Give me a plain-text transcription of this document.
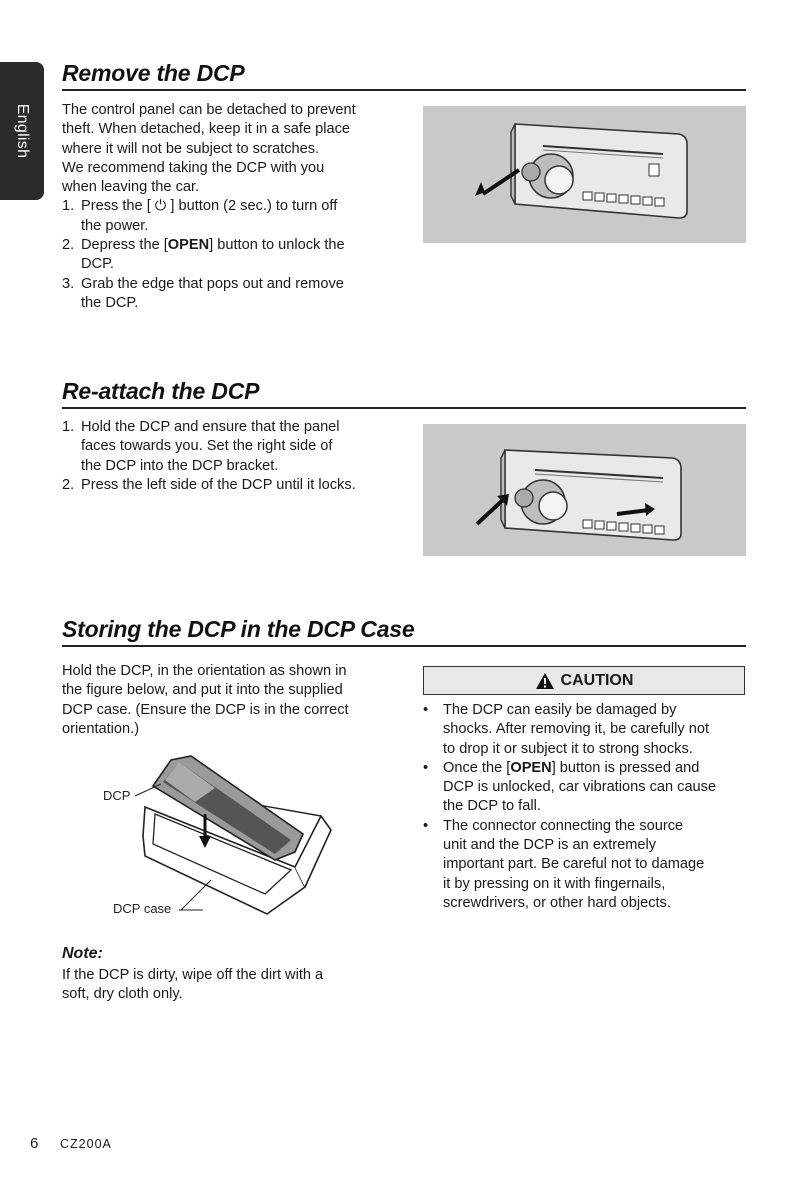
English
Remove the DCP
The control panel can be detached to prevent
theft. When detached, keep it in a safe place
where it will not be subject to scratches.
We recommend taking the DCP with you
when leaving the car.
1. Press the [ ⏻ ] button (2 sec.) to turn off
the power.
2. Depress the [OPEN] button to unlock the
DCP.
3. Grab the edge that pops out and remove
the DCP.
Re-attach the DCP
1. Hold the DCP and ensure that the panel
faces towards you. Set the right side of
the DCP into the DCP bracket.
2. Press the left side of the DCP until it locks.
Storing the DCP in the DCP Case
Hold the DCP, in the orientation as shown in
the figure below, and put it into the supplied
DCP case. (Ensure the DCP is in the correct
orientation.)
DCP
DCP case
CAUTION
• The DCP can easily be damaged by
shocks. After removing it, be carefully not
to drop it or subject it to strong shocks.
• Once the [OPEN] button is pressed and
DCP is unlocked, car vibrations can cause
the DCP to fall.
• The connector connecting the source
unit and the DCP is an extremely
important part. Be careful not to damage
it by pressing on it with fingernails,
screwdrivers, or other hard objects.
Note:
If the DCP is dirty, wipe off the dirt with a
soft, dry cloth only.
6 CZ200A
